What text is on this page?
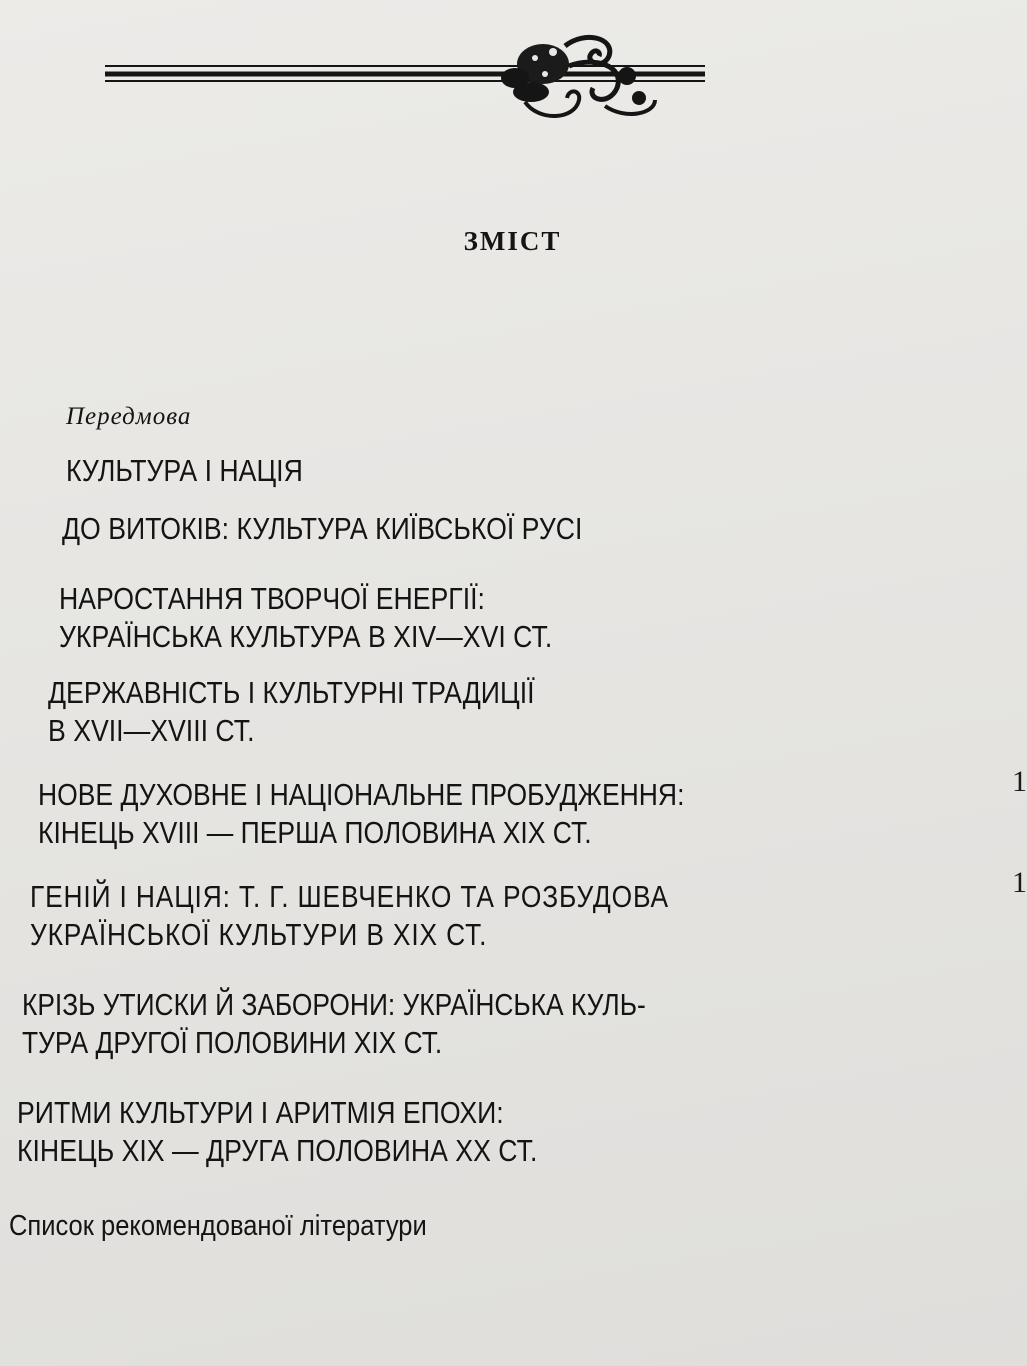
ЗМІСТ
Передмова
КУЛЬТУРА І НАЦІЯ
ДО ВИТОКІВ: КУЛЬТУРА КИЇВСЬКОЇ РУСІ
НАРОСТАННЯ ТВОРЧОЇ ЕНЕРГІЇ:
УКРАЇНСЬКА КУЛЬТУРА В XIV—XVI СТ.
ДЕРЖАВНІСТЬ І КУЛЬТУРНІ ТРАДИЦІЇ
В XVII—XVIII СТ.
НОВЕ ДУХОВНЕ І НАЦІОНАЛЬНЕ ПРОБУДЖЕННЯ:
КІНЕЦЬ XVIII — ПЕРША ПОЛОВИНА XIX СТ.
ГЕНІЙ І НАЦІЯ: Т. Г. ШЕВЧЕНКО ТА РОЗБУДОВА
УКРАЇНСЬКОЇ КУЛЬТУРИ В XIX СТ.
КРІЗЬ УТИСКИ Й ЗАБОРОНИ: УКРАЇНСЬКА КУЛЬ-
ТУРА ДРУГОЇ ПОЛОВИНИ XIX СТ.
РИТМИ КУЛЬТУРИ І АРИТМІЯ ЕПОХИ:
КІНЕЦЬ XIX — ДРУГА ПОЛОВИНА XX СТ.
Список рекомендованої літератури
1
1
